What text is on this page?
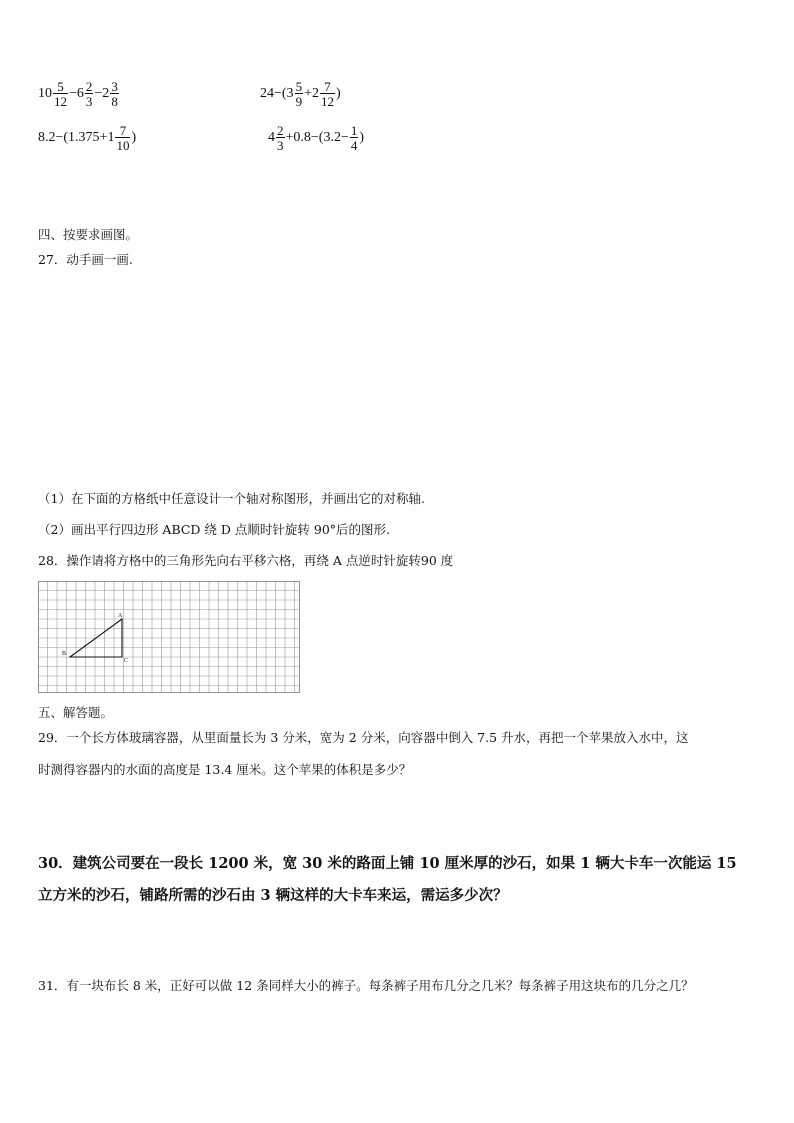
$10 \frac{5}{12} -6 \frac{2}{3} -2 \frac{3}{8}$	$24-(3 \frac{5}{9} +2 \frac{7}{12}$ )
$8.2-(1.375+1 \frac{7}{10}$ )	$4 \frac{2}{3} +0.8-(3.2- \frac{1}{4}$ )
四、按要求画图。
27．动手画一画.
（1）在下面的方格纸中任意设计一个轴对称图形，并画出它的对称轴.
（2）画出平行四边形 ABCD 绕 D 点顺时针旋转 90°后的图形.
28．操作请将方格中的三角形先向右平移六格，再绕 A 点逆时针旋转90 度
A
B
C
五、解答题。
29．一个长方体玻璃容器，从里面量长为 3 分米，宽为 2 分米，向容器中倒入 7.5 升水，再把一个苹果放入水中，这
时测得容器内的水面的高度是 13.4 厘米。这个苹果的体积是多少？
30．建筑公司要在一段长 1200 米，宽 30 米的路面上铺 10 厘米厚的沙石，如果 1 辆大卡车一次能运 15
立方米的沙石，铺路所需的沙石由 3 辆这样的大卡车来运，需运多少次？
31．有一块布长 8 米，正好可以做 12 条同样大小的裤子。每条裤子用布几分之几米？每条裤子用这块布的几分之几？
